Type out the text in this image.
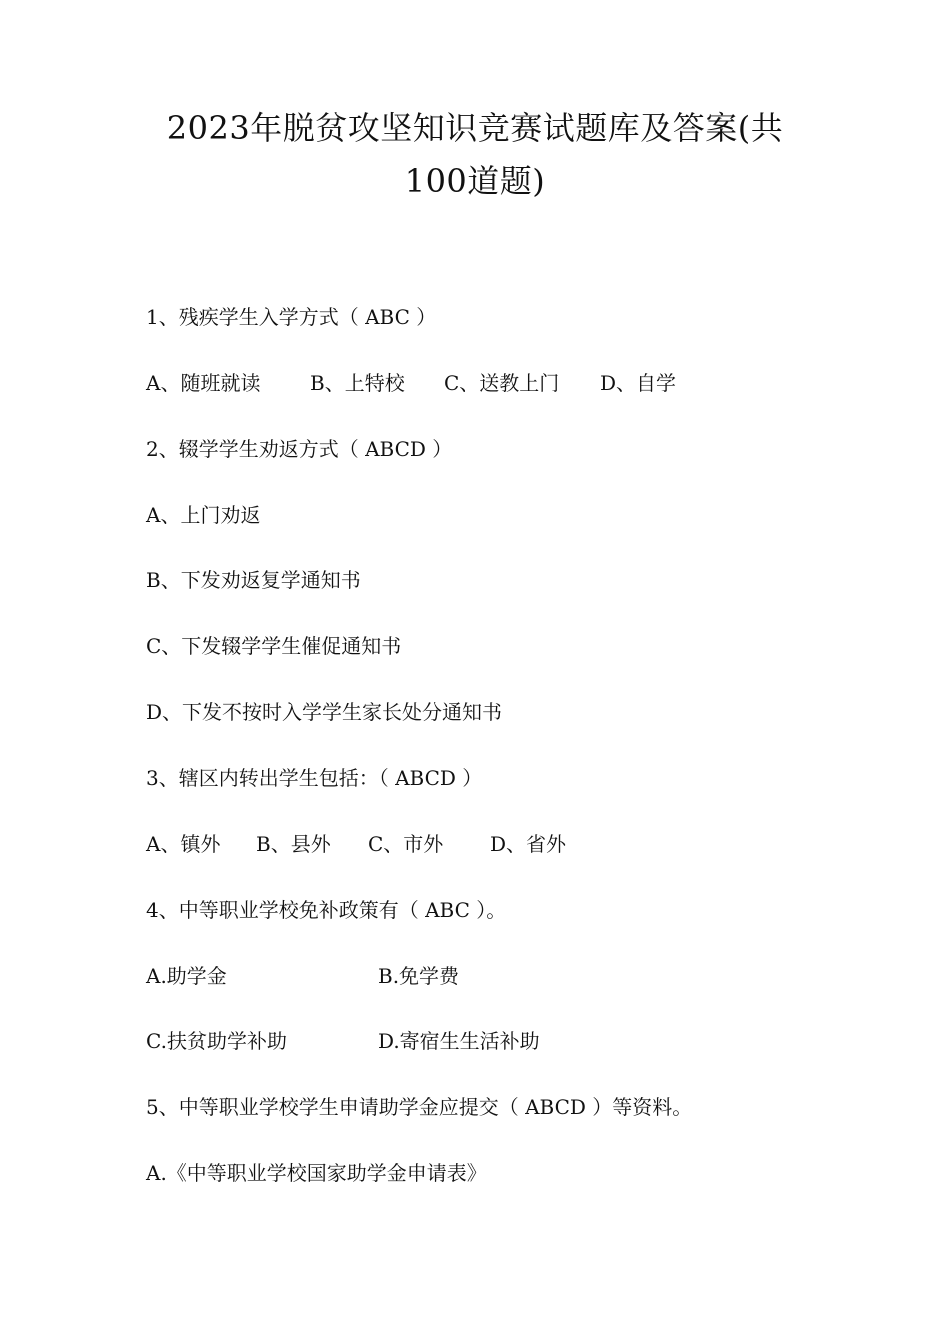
2023年脱贫攻坚知识竞赛试题库及答案(共
100道题)
1、残疾学生入学方式（ ABC ）
A、随班就读 B、上特校 C、送教上门 D、自学
2、辍学学生劝返方式（ ABCD ）
A、上门劝返
B、下发劝返复学通知书
C、下发辍学学生催促通知书
D、下发不按时入学学生家长处分通知书
3、辖区内转出学生包括：（ ABCD ）
A、镇外 B、县外 C、市外 D、省外
4、中等职业学校免补政策有（ ABC ）。
A.助学金	B.免学费
C.扶贫助学补助	D.寄宿生生活补助
5、中等职业学校学生申请助学金应提交（ ABCD ）等资料。
A.《中等职业学校国家助学金申请表》
